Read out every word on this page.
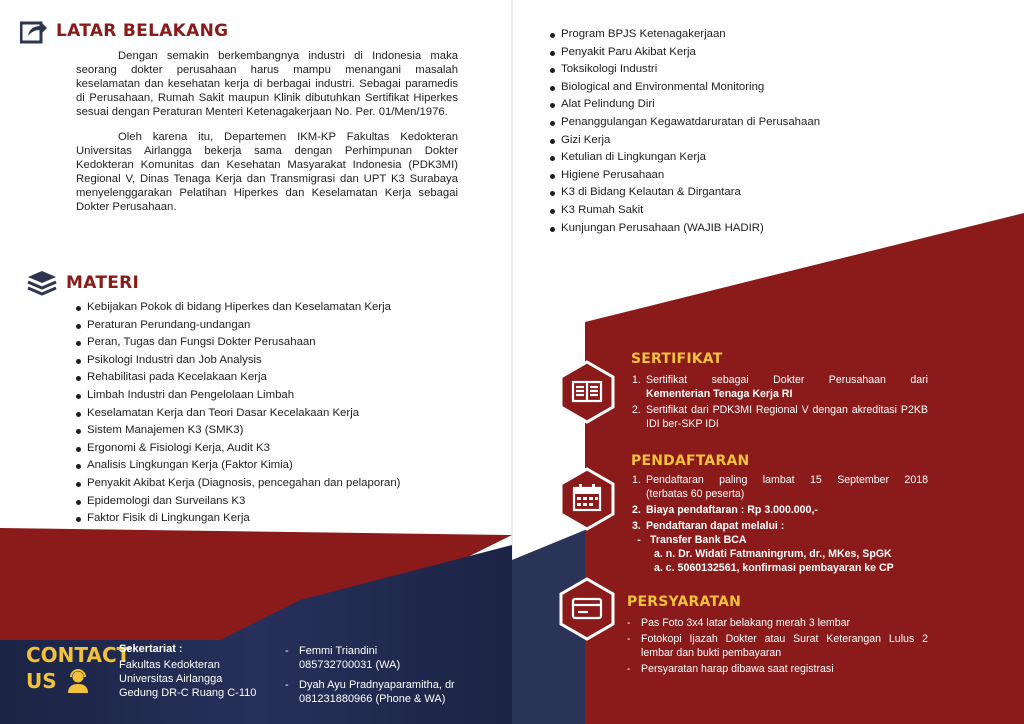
LATAR BELAKANG

Dengan semakin berkembangnya industri di Indonesia maka seorang dokter perusahaan harus mampu menangani masalah keselamatan dan kesehatan kerja di berbagai industri. Sebagai paramedis di Perusahaan, Rumah Sakit maupun Klinik dibutuhkan Sertifikat Hiperkes sesuai dengan Peraturan Menteri Ketenagakerjaan No. Per. 01/Men/1976.

Oleh karena itu, Departemen IKM-KP Fakultas Kedokteran Universitas Airlangga bekerja sama dengan Perhimpunan Dokter Kedokteran Komunitas dan Kesehatan Masyarakat Indonesia (PDK3MI) Regional V, Dinas Tenaga Kerja dan Transmigrasi dan UPT K3 Surabaya menyelenggarakan Pelatihan Hiperkes dan Keselamatan Kerja sebagai Dokter Perusahaan.

MATERI
Kebijakan Pokok di bidang Hiperkes dan Keselamatan Kerja
Peraturan Perundang-undangan
Peran, Tugas dan Fungsi Dokter Perusahaan
Psikologi Industri dan Job Analysis
Rehabilitasi pada Kecelakaan Kerja
Limbah Industri dan Pengelolaan Limbah
Keselamatan Kerja dan Teori Dasar Kecelakaan Kerja
Sistem Manajemen K3 (SMK3)
Ergonomi & Fisiologi Kerja, Audit K3
Analisis Lingkungan Kerja (Faktor Kimia)
Penyakit Akibat Kerja (Diagnosis, pencegahan dan pelaporan)
Epidemologi dan Surveilans K3
Faktor Fisik di Lingkungan Kerja
Program BPJS Ketenagakerjaan
Penyakit Paru Akibat Kerja
Toksikologi Industri
Biological and Environmental Monitoring
Alat Pelindung Diri
Penanggulangan Kegawatdaruratan di Perusahaan
Gizi Kerja
Ketulian di Lingkungan Kerja
Higiene Perusahaan
K3 di Bidang Kelautan & Dirgantara
K3 Rumah Sakit
Kunjungan Perusahaan (WAJIB HADIR)
SERTIFIKAT
1. Sertifikat sebagai Dokter Perusahaan dari
Kementerian Tenaga Kerja RI
2. Sertifikat dari PDK3MI Regional V dengan akreditasi P2KB IDI ber-SKP IDI
PENDAFTARAN
1. Pendaftaran paling lambat 15 September 2018
(terbatas 60 peserta)
2. Biaya pendaftaran : Rp 3.000.000,-
3. Pendaftaran dapat melalui :
- Transfer Bank BCA
a. n. Dr. Widati Fatmaningrum, dr., MKes, SpGK
a. c. 5060132561, konfirmasi pembayaran ke CP
PERSYARATAN
- Pas Foto 3x4 latar belakang merah 3 lembar
- Fotokopi Ijazah Dokter atau Surat Keterangan Lulus 2 lembar dan bukti pembayaran
- Persyaratan harap dibawa saat registrasi
CONTACT
US
Sekertariat :
Fakultas Kedokteran
Universitas Airlangga
Gedung DR-C Ruang C-110
- Femmi Triandini
085732700031 (WA)
- Dyah Ayu Pradnyaparamitha, dr
081231880966 (Phone & WA)
